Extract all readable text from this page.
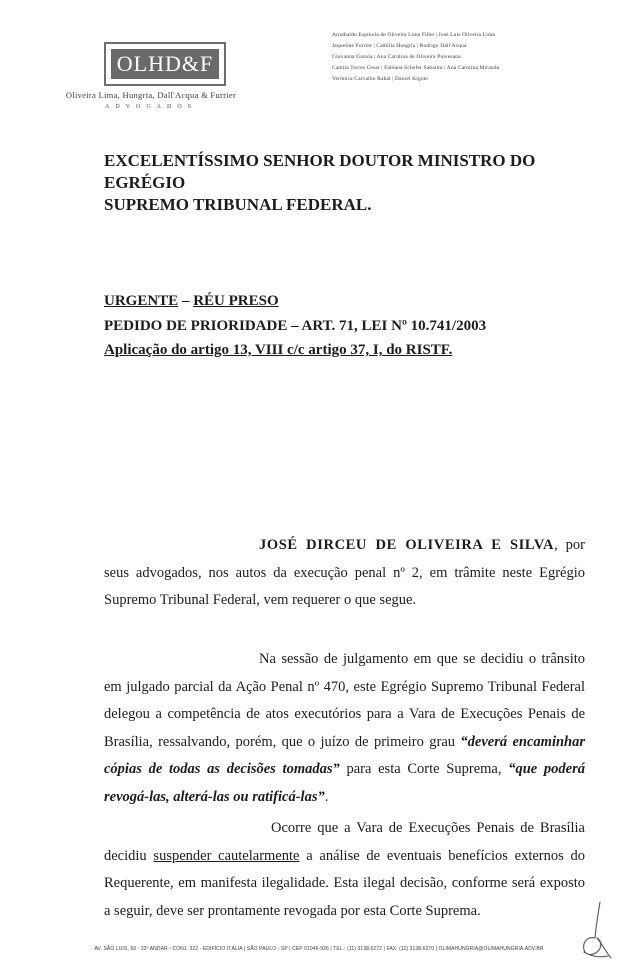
OLHD&F
Oliveira Lima, Hungria, Dall'Acqua & Furrier
ADVOGADOS
Arnobaldo Espínola de Oliveira Lima Filho | José Luis Oliveira Lima
Jaqueline Furrier | Camilla Hungria | Rodrigo Dall'Acqua
Giovanna Gazola | Ana Carolina de Oliveira Piovesana
Camila Torres Cesar | Fabiana Schefer Sabatini | Ana Carolina Miranda
Verônica Carvalho Rahal | Daniel Kignel
EXCELENTÍSSIMO SENHOR DOUTOR MINISTRO DO EGRÉGIO
SUPREMO TRIBUNAL FEDERAL.
URGENTE – RÉU PRESO
PEDIDO DE PRIORIDADE – ART. 71, LEI Nº 10.741/2003
Aplicação do artigo 13, VIII c/c artigo 37, I, do RISTF.
JOSÉ DIRCEU DE OLIVEIRA E SILVA, por seus advogados, nos autos da execução penal nº 2, em trâmite neste Egrégio Supremo Tribunal Federal, vem requerer o que segue.
Na sessão de julgamento em que se decidiu o trânsito em julgado parcial da Ação Penal nº 470, este Egrégio Supremo Tribunal Federal delegou a competência de atos executórios para a Vara de Execuções Penais de Brasília, ressalvando, porém, que o juízo de primeiro grau “deverá encaminhar cópias de todas as decisões tomadas” para esta Corte Suprema, “que poderá revogá-las, alterá-las ou ratificá-las”.
Ocorre que a Vara de Execuções Penais de Brasília decidiu suspender cautelarmente a análise de eventuais benefícios externos do Requerente, em manifesta ilegalidade. Esta ilegal decisão, conforme será exposto a seguir, deve ser prontamente revogada por esta Corte Suprema.
AV. SÃO LUIS, 50 - 32º ANDAR - CONJ. 322 - EDIFÍCIO ITÁLIA | SÃO PAULO - SP | CEP 01046-926 | TEL.: (11) 3138.6272 | FAX: (11) 3138.6270 | OLIMAHUNGRIA@OLIMAHUNGRIA.ADV.BR
